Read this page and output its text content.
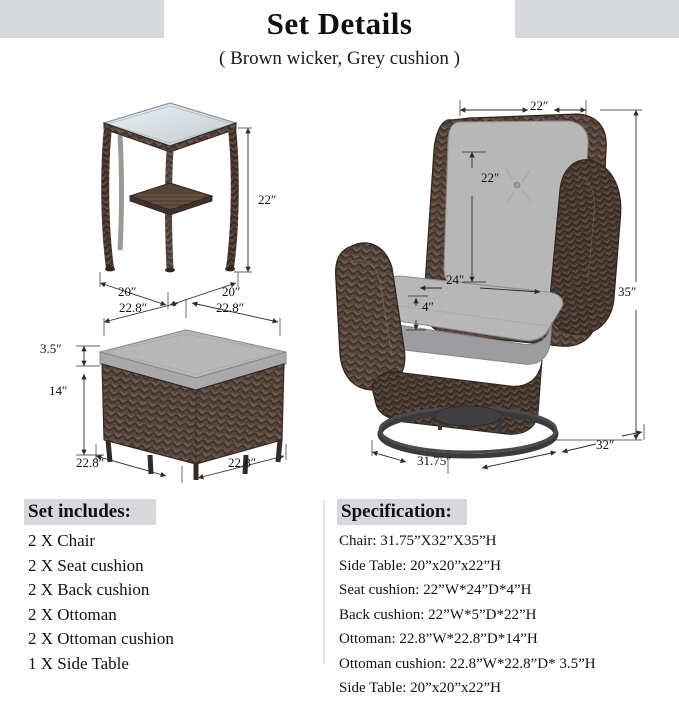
Set Details
( Brown wicker, Grey cushion )
22″
20″	20″
22.8″	22.8″
3.5″
14″
22.8″	22.8″
22″
22″
24″
4″
35″
31.75″
32″
Set includes:
2 X Chair
2 X Seat cushion
2 X Back cushion
2 X Ottoman
2 X Ottoman cushion
1 X Side Table
Specification:
Chair: 31.75”X32”X35”H
Side Table: 20”x20”x22”H
Seat cushion: 22”W*24”D*4”H
Back cushion: 22”W*5”D*22”H
Ottoman: 22.8”W*22.8”D*14”H
Ottoman cushion: 22.8”W*22.8”D* 3.5”H
Side Table: 20”x20”x22”H
